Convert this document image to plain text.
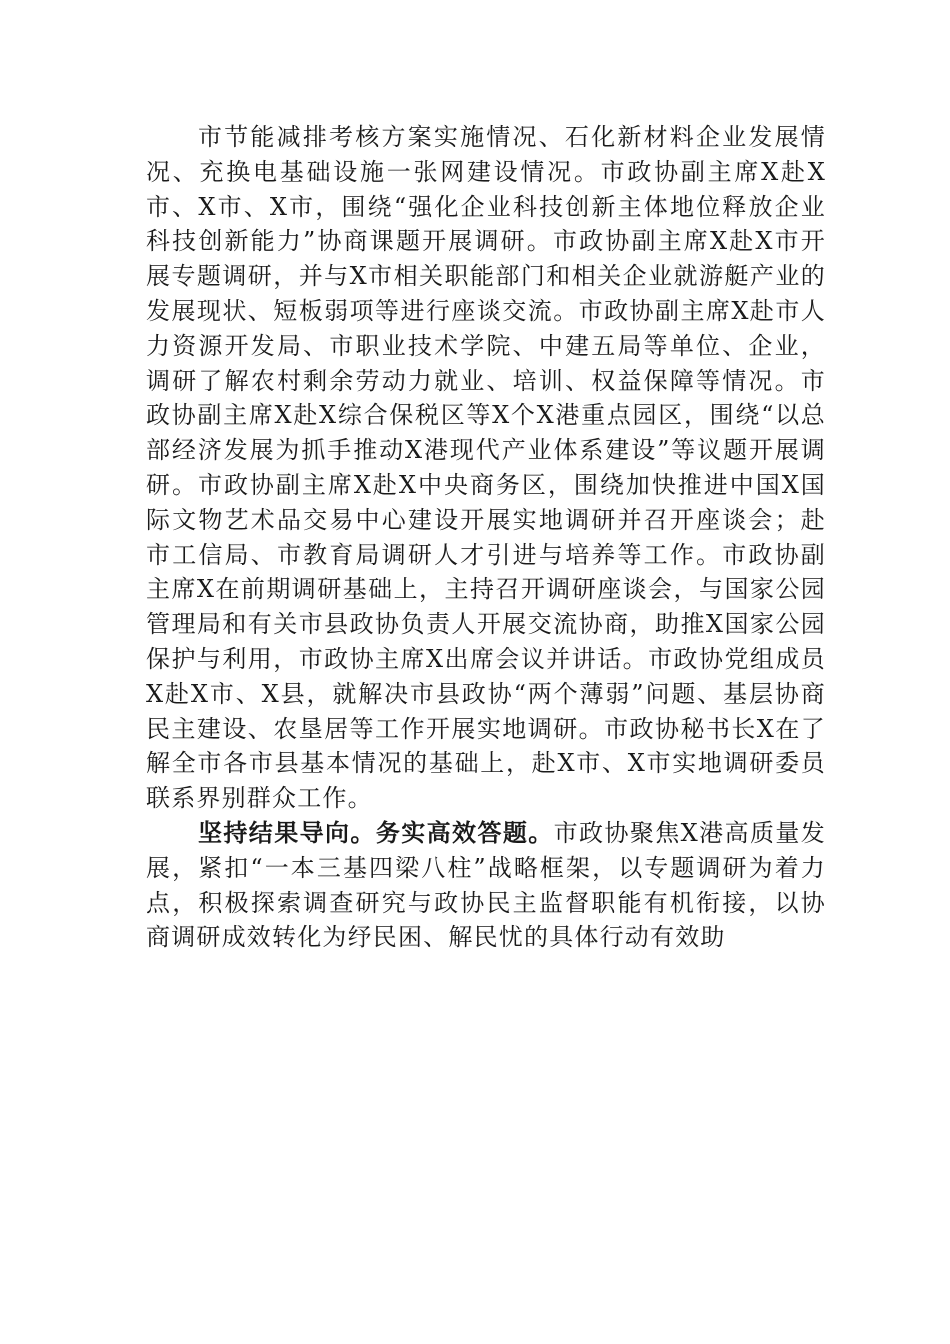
市节能减排考核方案实施情况、石化新材料企业发展情况、充换电基础设施一张网建设情况。市政协副主席X赴X市、X市、X市，围绕“强化企业科技创新主体地位释放企业科技创新能力”协商课题开展调研。市政协副主席X赴X市开展专题调研，并与X市相关职能部门和相关企业就游艇产业的发展现状、短板弱项等进行座谈交流。市政协副主席X赴市人力资源开发局、市职业技术学院、中建五局等单位、企业，调研了解农村剩余劳动力就业、培训、权益保障等情况。市政协副主席X赴X综合保税区等X个X港重点园区，围绕“以总部经济发展为抓手推动X港现代产业体系建设”等议题开展调研。市政协副主席X赴X中央商务区，围绕加快推进中国X国际文物艺术品交易中心建设开展实地调研并召开座谈会；赴市工信局、市教育局调研人才引进与培养等工作。市政协副主席X在前期调研基础上，主持召开调研座谈会，与国家公园管理局和有关市县政协负责人开展交流协商，助推X国家公园保护与利用，市政协主席X出席会议并讲话。市政协党组成员X赴X市、X县，就解决市县政协“两个薄弱”问题、基层协商民主建设、农垦居等工作开展实地调研。市政协秘书长X在了解全市各市县基本情况的基础上，赴X市、X市实地调研委员联系界别群众工作。

坚持结果导向。务实高效答题。市政协聚焦X港高质量发展，紧扣“一本三基四梁八柱”战略框架，以专题调研为着力点，积极探索调查研究与政协民主监督职能有机衔接，以协商调研成效转化为纾民困、解民忧的具体行动有效助
